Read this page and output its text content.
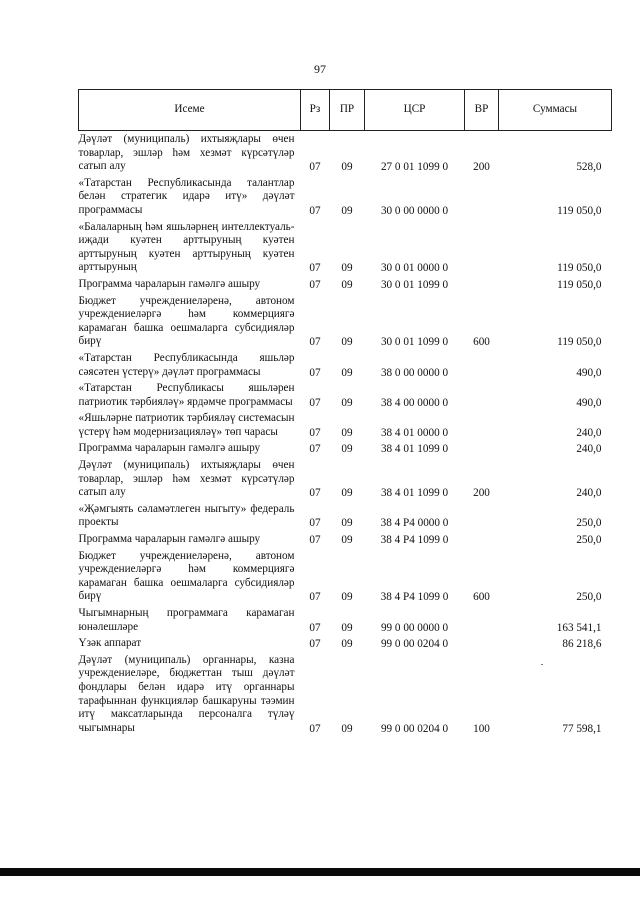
97
Исеме	Рз	ПР	ЦСР	ВР	Суммасы
Дәүләт (муниципаль) ихтыяҗлары өчен товарлар, эшләр һәм хезмәт күрсәтүләр сатып алу	07	09	27 0 01 1099 0	200	528,0
«Татарстан Республикасында талантлар белән стратегик идарә итү» дәүләт программасы	07	09	30 0 00 0000 0		119 050,0
«Балаларның һәм яшьләрнең интеллектуаль-иҗади куәтен арттыруның куәтен арттыруның куәтен арттыруның куәтен арттыруның	07	09	30 0 01 0000 0		119 050,0
Программа чараларын гамәлгә ашыру	07	09	30 0 01 1099 0		119 050,0
Бюджет учреждениеләренә, автоном учреждениеләргә һәм коммерциягә карамаган башка оешмаларга субсидияләр бирү	07	09	30 0 01 1099 0	600	119 050,0
«Татарстан Республикасында яшьләр сәясәтен үстерү» дәүләт программасы	07	09	38 0 00 0000 0		490,0
«Татарстан Республикасы яшьләрен патриотик тәрбияләү» ярдәмче программасы	07	09	38 4 00 0000 0		490,0
«Яшьләрне патриотик тәрбияләү системасын үстерү һәм модернизацияләү» төп чарасы	07	09	38 4 01 0000 0		240,0
Программа чараларын гамәлгә ашыру	07	09	38 4 01 1099 0		240,0
Дәүләт (муниципаль) ихтыяҗлары өчен товарлар, эшләр һәм хезмәт күрсәтүләр сатып алу	07	09	38 4 01 1099 0	200	240,0
«Җәмгыять сәламәтлеген ныгыту» федераль проекты	07	09	38 4 P4 0000 0		250,0
Программа чараларын гамәлгә ашыру	07	09	38 4 P4 1099 0		250,0
Бюджет учреждениеләренә, автоном учреждениеләргә һәм коммерциягә карамаган башка оешмаларга субсидияләр бирү	07	09	38 4 P4 1099 0	600	250,0
Чыгымнарның программага карамаган юнәлешләре	07	09	99 0 00 0000 0		163 541,1
Үзәк аппарат	07	09	99 0 00 0204 0		86 218,6
Дәүләт (муниципаль) органнары, казна учреждениеләре, бюджеттан тыш дәүләт фондлары белән идарә итү органнары тарафыннан функцияләр башкаруны тәэмин итү максатларында персоналга түләү чыгымнары	07	09	99 0 00 0204 0	100	77 598,1
